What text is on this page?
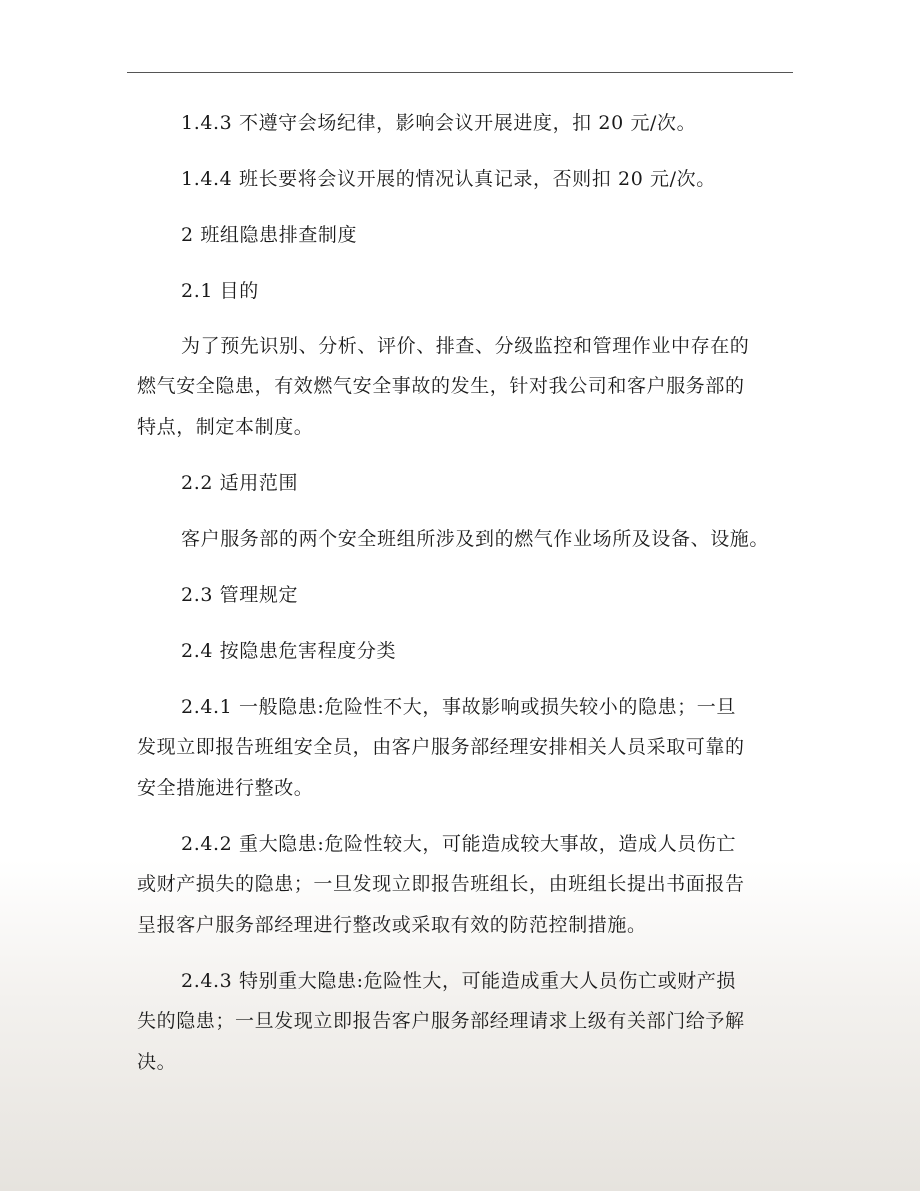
1.4.3 不遵守会场纪律，影响会议开展进度，扣 20 元/次。

1.4.4 班长要将会议开展的情况认真记录，否则扣 20 元/次。

2 班组隐患排查制度

2.1 目的

为了预先识别、分析、评价、排查、分级监控和管理作业中存在的

燃气安全隐患，有效燃气安全事故的发生，针对我公司和客户服务部的

特点，制定本制度。

2.2 适用范围

客户服务部的两个安全班组所涉及到的燃气作业场所及设备、设施。

2.3 管理规定

2.4 按隐患危害程度分类

2.4.1 一般隐患:危险性不大，事故影响或损失较小的隐患；一旦

发现立即报告班组安全员，由客户服务部经理安排相关人员采取可靠的

安全措施进行整改。

2.4.2 重大隐患:危险性较大，可能造成较大事故，造成人员伤亡

或财产损失的隐患；一旦发现立即报告班组长，由班组长提出书面报告

呈报客户服务部经理进行整改或采取有效的防范控制措施。

2.4.3 特别重大隐患:危险性大，可能造成重大人员伤亡或财产损

失的隐患；一旦发现立即报告客户服务部经理请求上级有关部门给予解

决。
